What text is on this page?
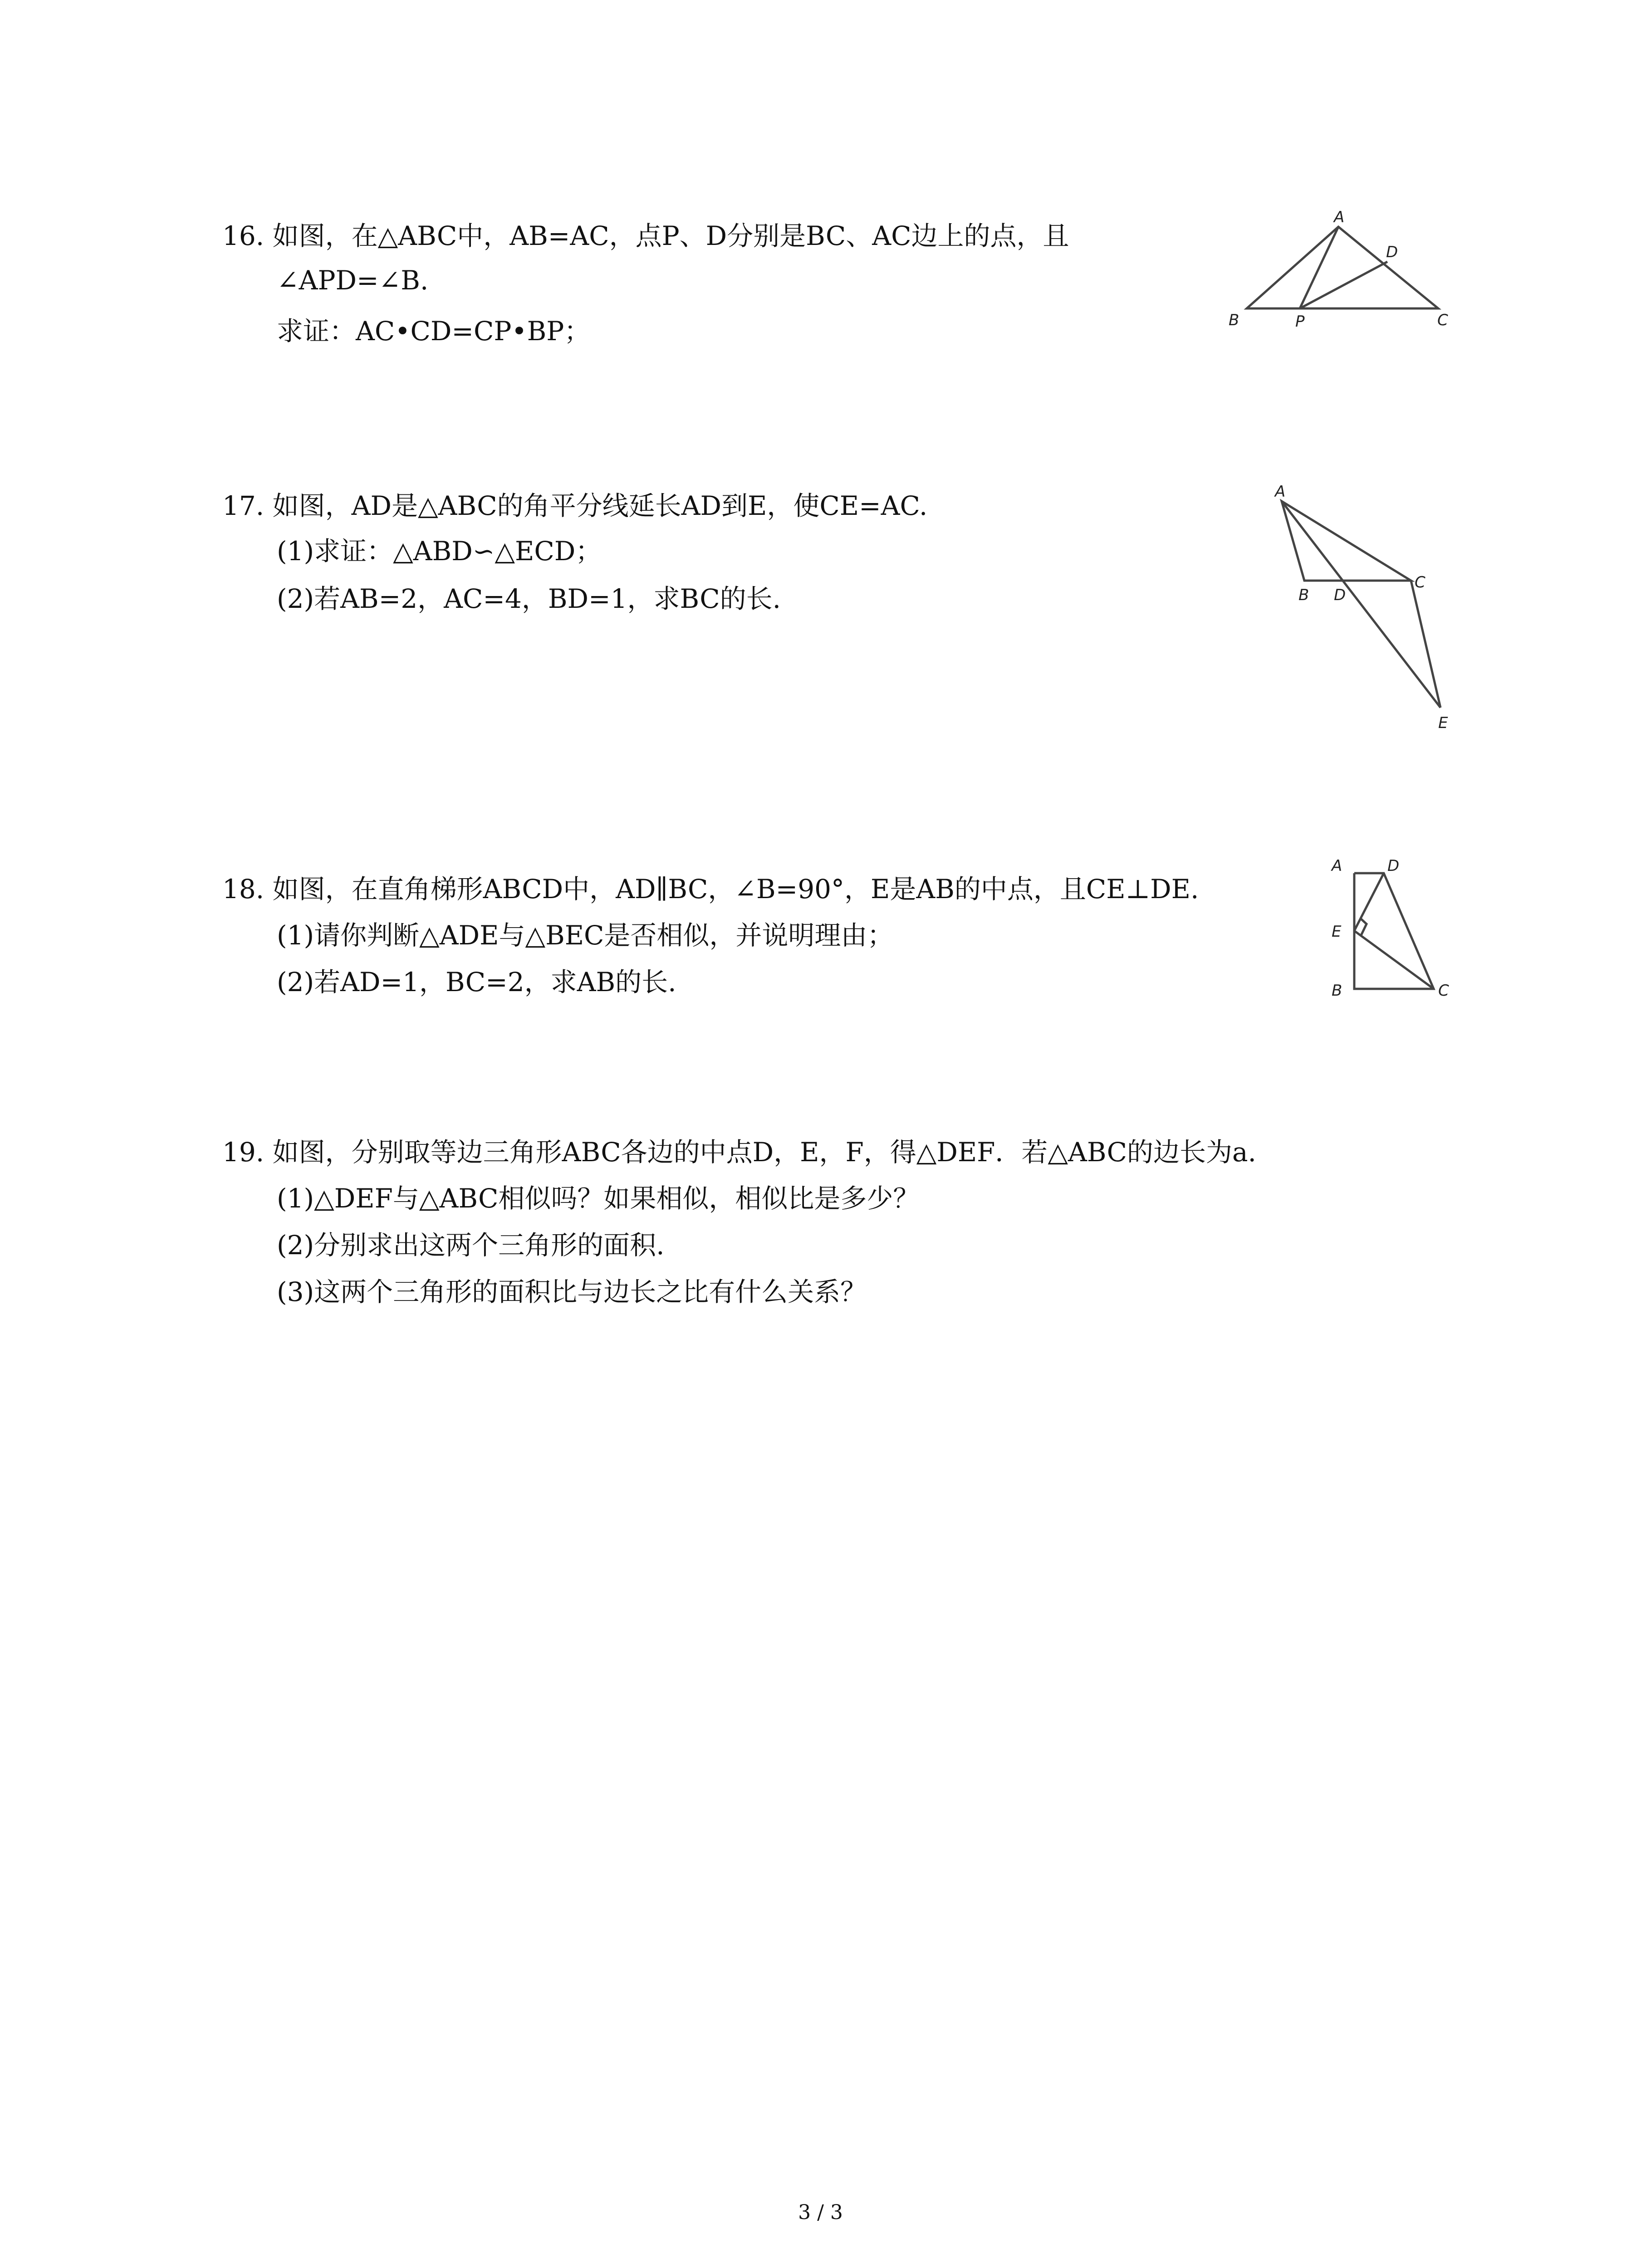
16. 如图，在△ABC中，AB=AC，点P、D分别是BC、AC边上的点，且
∠APD=∠B.
求证：AC•CD=CP•BP；
A
B	C
D
P
17. 如图，AD是△ABC的角平分线延长AD到E，使CE=AC.
(1)求证：△ABD∽△ECD；
(2)若AB=2，AC=4，BD=1，求BC的长.
A
B
C
D
E
18. 如图，在直角梯形ABCD中，AD∥BC，∠B=90°，E是AB的中点，且CE⊥DE.
(1)请你判断△ADE与△BEC是否相似，并说明理由；
(2)若AD=1，BC=2，求AB的长.
A	D
E
B	C
19. 如图，分别取等边三角形ABC各边的中点D，E，F，得△DEF．若△ABC的边长为a.
(1)△DEF与△ABC相似吗？如果相似，相似比是多少？
(2)分别求出这两个三角形的面积.
(3)这两个三角形的面积比与边长之比有什么关系？
3 / 3
